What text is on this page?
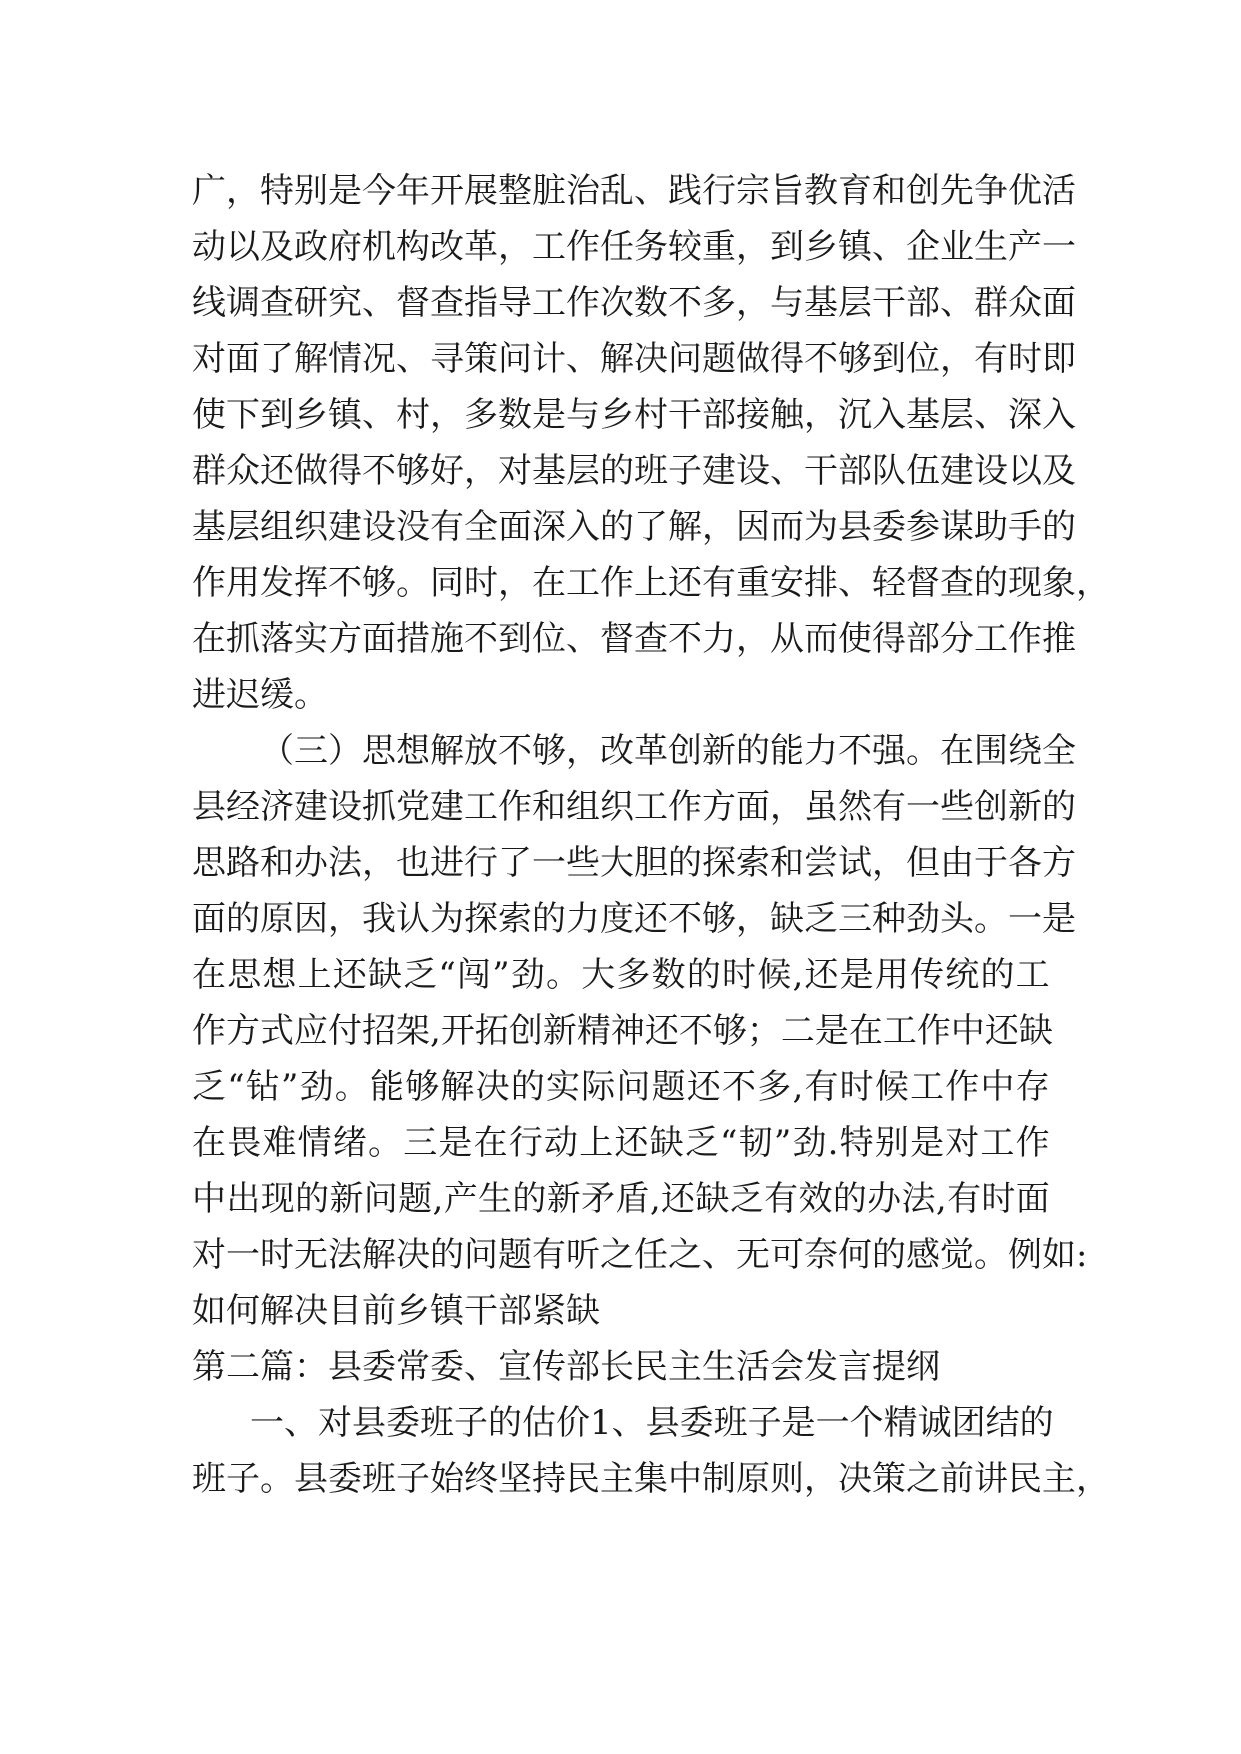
广 ， 特 别 是 今 年 开 展 整 脏 治 乱 、 践 行 宗 旨 教 育 和 创 先 争 优 活
动 以 及 政 府 机 构 改 革 ， 工 作 任 务 较 重 ， 到 乡 镇 、 企 业 生 产 一
线 调 查 研 究 、 督 查 指 导 工 作 次 数 不 多 ， 与 基 层 干 部 、 群 众 面
对 面 了 解 情 况 、 寻 策 问 计 、 解 决 问 题 做 得 不 够 到 位 ， 有 时 即
使 下 到 乡 镇 、 村 ， 多 数 是 与 乡 村 干 部 接 触 ， 沉 入 基 层 、 深 入
群 众 还 做 得 不 够 好 ， 对 基 层 的 班 子 建 设 、 干 部 队 伍 建 设 以 及
基 层 组 织 建 设 没 有 全 面 深 入 的 了 解 ， 因 而 为 县 委 参 谋 助 手 的
作 用 发 挥 不 够 。 同 时 ， 在 工 作 上 还 有 重 安 排 、 轻 督 查 的 现 象 ，
在 抓 落 实 方 面 措 施 不 到 位 、 督 查 不 力 ， 从 而 使 得 部 分 工 作 推
进迟缓。
（ 三 ） 思 想 解 放 不 够 ， 改 革 创 新 的 能 力 不 强 。 在 围 绕 全
县 经 济 建 设 抓 党 建 工 作 和 组 织 工 作 方 面 ， 虽 然 有 一 些 创 新 的
思 路 和 办 法 ， 也 进 行 了 一 些 大 胆 的 探 索 和 尝 试 ， 但 由 于 各 方
面 的 原 因 ， 我 认 为 探 索 的 力 度 还 不 够 ， 缺 乏 三 种 劲 头 。 一 是
在 思 想 上 还 缺 乏 “ 闯 ” 劲 。 大 多 数 的 时 候 , 还 是 用 传 统 的 工
作 方 式 应 付 招 架 , 开 拓 创 新 精 神 还 不 够 ； 二 是 在 工 作 中 还 缺
乏 “ 钻 ” 劲 。 能 够 解 决 的 实 际 问 题 还 不 多 , 有 时 候 工 作 中 存
在 畏 难 情 绪 。 三 是 在 行 动 上 还 缺 乏 “ 韧 ” 劲 . 特 别 是 对 工 作
中 出 现 的 新 问 题 , 产 生 的 新 矛 盾 , 还 缺 乏 有 效 的 办 法 , 有 时 面
对 一 时 无 法 解 决 的 问 题 有 听 之 任 之 、 无 可 奈 何 的 感 觉 。 例 如 :
如何解决目前乡镇干部紧缺
第二篇：县委常委、宣传部长民主生活会发言提纲
一 、 对 县 委 班 子 的 估 价 1 、 县 委 班 子 是 一 个 精 诚 团 结 的
班 子 。 县 委 班 子 始 终 坚 持 民 主 集 中 制 原 则 ， 决 策 之 前 讲 民 主 ，
